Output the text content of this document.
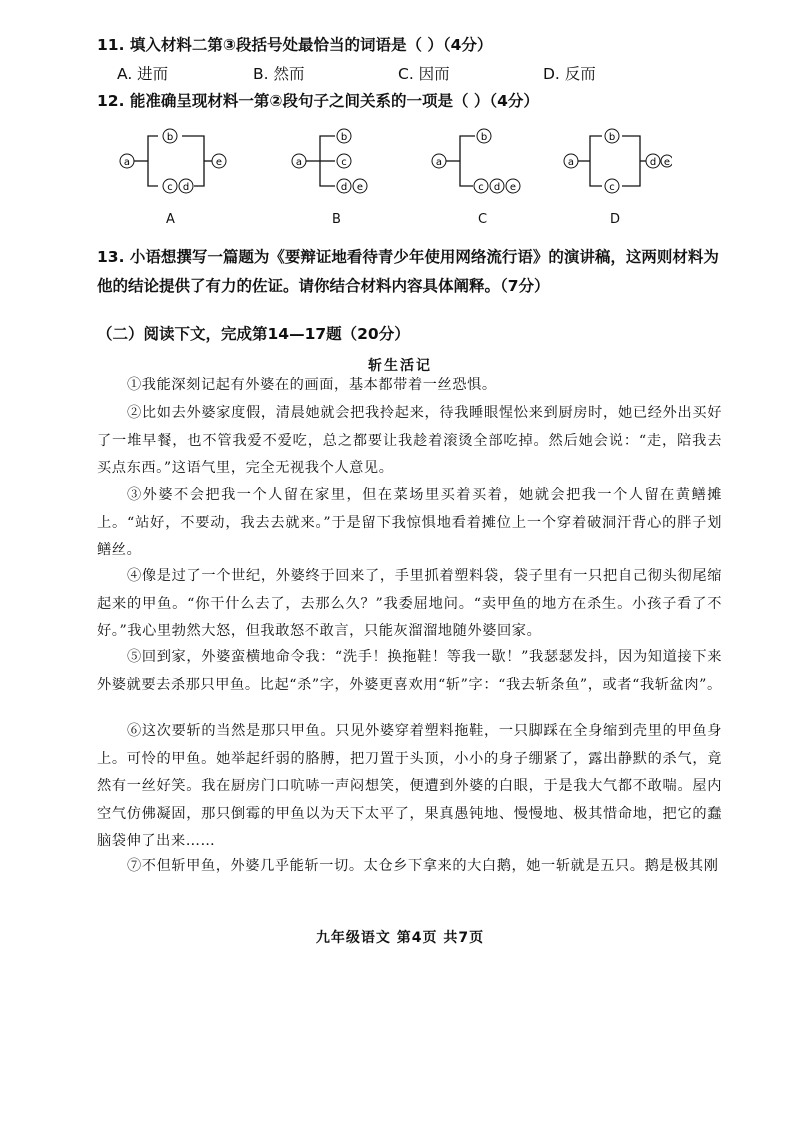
11. 填入材料二第③段括号处最恰当的词语是（ ）（4分）
A. 进而	B. 然而	C. 因而	D. 反而
12. 能准确呈现材料一第②段句子之间关系的一项是（ ）（4分）
a
b
c d
e	a
b
c
d e
a
b
c d e
a
b
c
d e
A	B	C	D
13. 小语想撰写一篇题为《要辩证地看待青少年使用网络流行语》的演讲稿，这两则材料为他的结论提供了有力的佐证。请你结合材料内容具体阐释。（7分）
（二）阅读下文，完成第14—17题（20分）
斩生活记
①我能深刻记起有外婆在的画面，基本都带着一丝恐惧。
②比如去外婆家度假，清晨她就会把我拎起来，待我睡眼惺忪来到厨房时，她已经外出买好了一堆早餐，也不管我爱不爱吃，总之都要让我趁着滚烫全部吃掉。然后她会说：“走，陪我去买点东西。”这语气里，完全无视我个人意见。
③外婆不会把我一个人留在家里，但在菜场里买着买着，她就会把我一个人留在黄鳝摊上。“站好，不要动，我去去就来。”于是留下我惊惧地看着摊位上一个穿着破洞汗背心的胖子划鳝丝。
④像是过了一个世纪，外婆终于回来了，手里抓着塑料袋，袋子里有一只把自己彻头彻尾缩起来的甲鱼。“你干什么去了，去那么久？”我委屈地问。“卖甲鱼的地方在杀生。小孩子看了不好。”我心里勃然大怒，但我敢怒不敢言，只能灰溜溜地随外婆回家。
⑤回到家，外婆蛮横地命令我：“洗手！换拖鞋！等我一歇！”我瑟瑟发抖，因为知道接下来外婆就要去杀那只甲鱼。比起“杀”字，外婆更喜欢用“斩”字：“我去斩条鱼”，或者“我斩盆肉”。
⑥这次要斩的当然是那只甲鱼。只见外婆穿着塑料拖鞋，一只脚踩在全身缩到壳里的甲鱼身上。可怜的甲鱼。她举起纤弱的胳膊，把刀置于头顶，小小的身子绷紧了，露出静默的杀气，竟然有一丝好笑。我在厨房门口吭哧一声闷想笑，便遭到外婆的白眼，于是我大气都不敢喘。屋内空气仿佛凝固，那只倒霉的甲鱼以为天下太平了，果真愚钝地、慢慢地、极其惜命地，把它的蠢脑袋伸了出来……
⑦不但斩甲鱼，外婆几乎能斩一切。太仓乡下拿来的大白鹅，她一斩就是五只。鹅是极其刚
九年级语文 第4页 共7页
